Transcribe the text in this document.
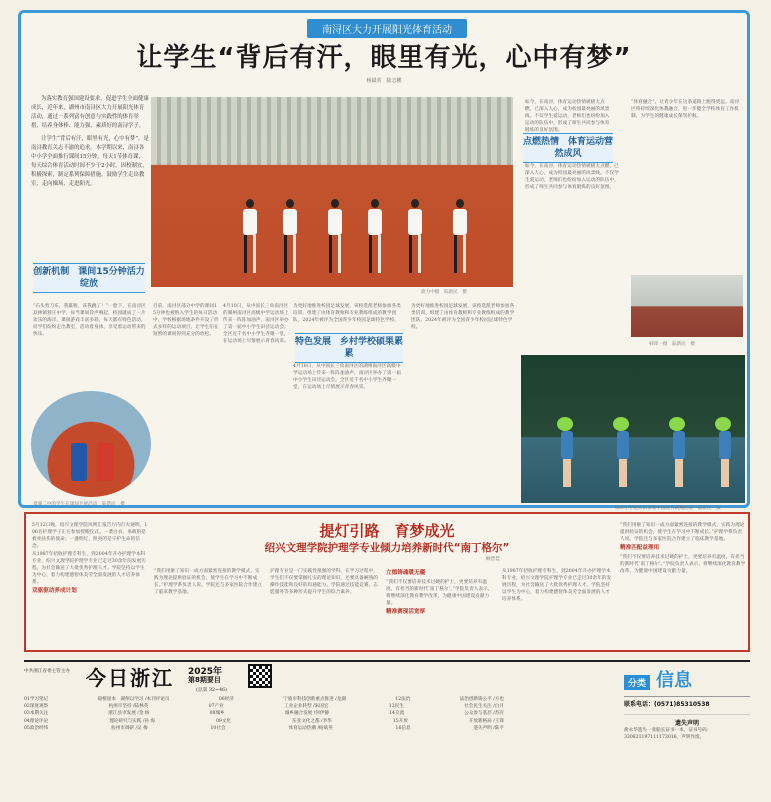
南浔区大力开展阳光体育活动
让学生“背后有汗，眼里有光，心中有梦”
杨斌英　陆志鹏

为落实教育强国建设要求，促进学生全面健康成长，近年来，湖州市南浔区大力开展阳光体育活动，通过一系列富有创意与实践性的体育举措，培养身体棒、能力强、素质好的南浔学子。

让学生“背后有汗，眼里有光，心中有梦”，是南浔教育关志不渝的追求。本学期以来，南浔各中小学全面推行课间15分钟，每天1节体育课，每天综合体育活动时间不少于2小时，因校制宜，积极探索，制定系列保障措施，鼓励学生走出教室，走向操场，走进阳光。

俞力中摄　陆新民　摄
点燃热情　体育运动营然成风
如今，在南浔，体育运动热情被极大点燃，已深入人心，成为校园最亮丽的风景线。不仅学生爱运动，老师们也纷纷加入运动的队伍中，形成了师生共同参与体育锻炼的良好氛围。
如今，在南浔，体育运动热情被极大点燃，已深入人心，成为校园最亮丽的风景线。不仅学生爱运动，老师们也纷纷加入运动的队伍中，形成了师生共同参与体育锻炼的良好氛围。
“体育融合”，让青少年在这条道路上跑得更远。南浔区将持续深化体教融合，进一步健全学校体育工作机制，为学生的健康成长保驾护航。
韩锋一摄　陆新民　摄
创新机制　课间15分钟活力绽放
“石头剪刀布，我赢啦，该我跳了！”一脸下，在南浔区双林镇蓉庄中学，每当课间铃声响起，校园就成了一片欢乐的海洋。课间游戏丰富多彩，每天都有特色活动，同学们纷纷走出教室，活动着身体，享受着运动带来的快乐。
目前，南浔区部分中学的课间15分钟也被纳入学生的每日活动中，学校根据场地条件开设了形式多样的运动项目，让学生们在短暂的课间得到充分的放松。
4月10日，从中国长三角南浔区的湖州南浔区高级中学运动场上传来一阵阵加油声，南浔区举办了第一届中小学生田径运动会。全区近千名中小学生齐聚一堂，在运动场上尽情展示青春风采。 特色发展　乡村学校硕果累累
为更好地推进校园足球发展，该校选派老师参加各类培训，组建了由体育教师和专业教练组成的教学团队，2024年被评为全国青少年校园足球特色学校。
4月10日，从中国长三角南浔区的湖州南浔区高级中学运动场上传来一阵阵加油声，南浔区举办了第一届中小学生田径运动会。全区近千名中小学生齐聚一堂，在运动场上尽情展示青春风采。
为更好地推进校园足球发展，该校选派老师参加各类培训，组建了由体育教师和专业教练组成的教学团队，2024年被评为全国青少年校园足球特色学校。
菱湖二中的学生在课间开展活动　陆新民　摄
练市小学花样队参加中国花样跳绳比赛　陆新民　摄
提灯引路　育梦成光
绍兴文理学院护理学专业倾力培养新时代“南丁格尔”
顾晋佳

5月12日晚，绍兴文理学院风则汇报告厅内灯火通明，106名护理学子正在参加授帽仪式。一袭白衣，承载的是救死扶伤的使命；一盏明灯，照亮的是守护生命的信念。

从1987年招收护理专科生，到2004年开办护理学本科专业，绍兴文理学院护理学专业已走过30余年的发展历程，为社会输送了大批优秀护理人才。学院坚持以学生为中心，着力构建德智体美劳全面发展的人才培养体系。

双驱驱动养成计划
“我们用躯了知识一成方面紧密连接的教学模式，实践为理论提供验证的机会，使学生在学习中不断成长。”护理学系负责人说。学院还与多家医院合作建立了临床教学基地。
护理专业是一门实践性很强的学科。在学习过程中，学生们不仅要掌握扎实的理论知识，还要具备娴熟的操作技能和良好的沟通能力。学院通过技能竞赛、志愿服务等多种形式提升学生的综合素养。
立德铸魂暖无疆

“我们不仅要培养技术过硬的护士，更要培养有温度、有担当的新时代‘南丁格尔’。”学院负责人表示，将继续深化教育教学改革，为健康中国建设贡献力量。

精准赛现活宽厚
从1987年招收护理专科生，到2004年开办护理学本科专业，绍兴文理学院护理学专业已走过30余年的发展历程，为社会输送了大批优秀护理人才。学院坚持以学生为中心，着力构建德智体美劳全面发展的人才培养体系。

“我们用躯了知识一成方面紧密连接的教学模式，实践为理论提供验证的机会，使学生在学习中不断成长。”护理学系负责人说。学院还与多家医院合作建立了临床教学基地。

精准匹配益理用

“我们不仅要培养技术过硬的护士，更要培养有温度、有担当的新时代‘南丁格尔’。”学院负责人表示，将继续深化教育教学改革，为健康中国建设贡献力量。

中共浙江省委主管主办 今日浙江 2025年
第8期要目
(总第 32~46)
01学习笔记	稳根固本　湖州以学习 /本刊评论员	06经济	宁波市科技创新重点推进 /龙湖	12法治	法治创新铸公平 /方也
02深度观察	杭州市坚持 /陆林英	07产业	工业企业转型 /朱国宏	13民生	社会民生关注 /白月
03本期关注	浙江县市发展 /金 杨	08城乡	城乡融合发展 /何伊静	14交流	公众参与基层 /苏有
04理论评论	理论研究与实践 /孙 海	09文化	东亚文化之都 /李华	15开放	开放新格局 /王锋
05政治经纬	杭州市调研 /吴 梅	10社会	体育运动热潮 /杨斌英	16信息	遗失声明 /陈平
分类 信息
联系电话：(0571)85310538
遗失声明
俞永华遗失一张船长证书一本，证书号码：330821197111173016，声明作废。
